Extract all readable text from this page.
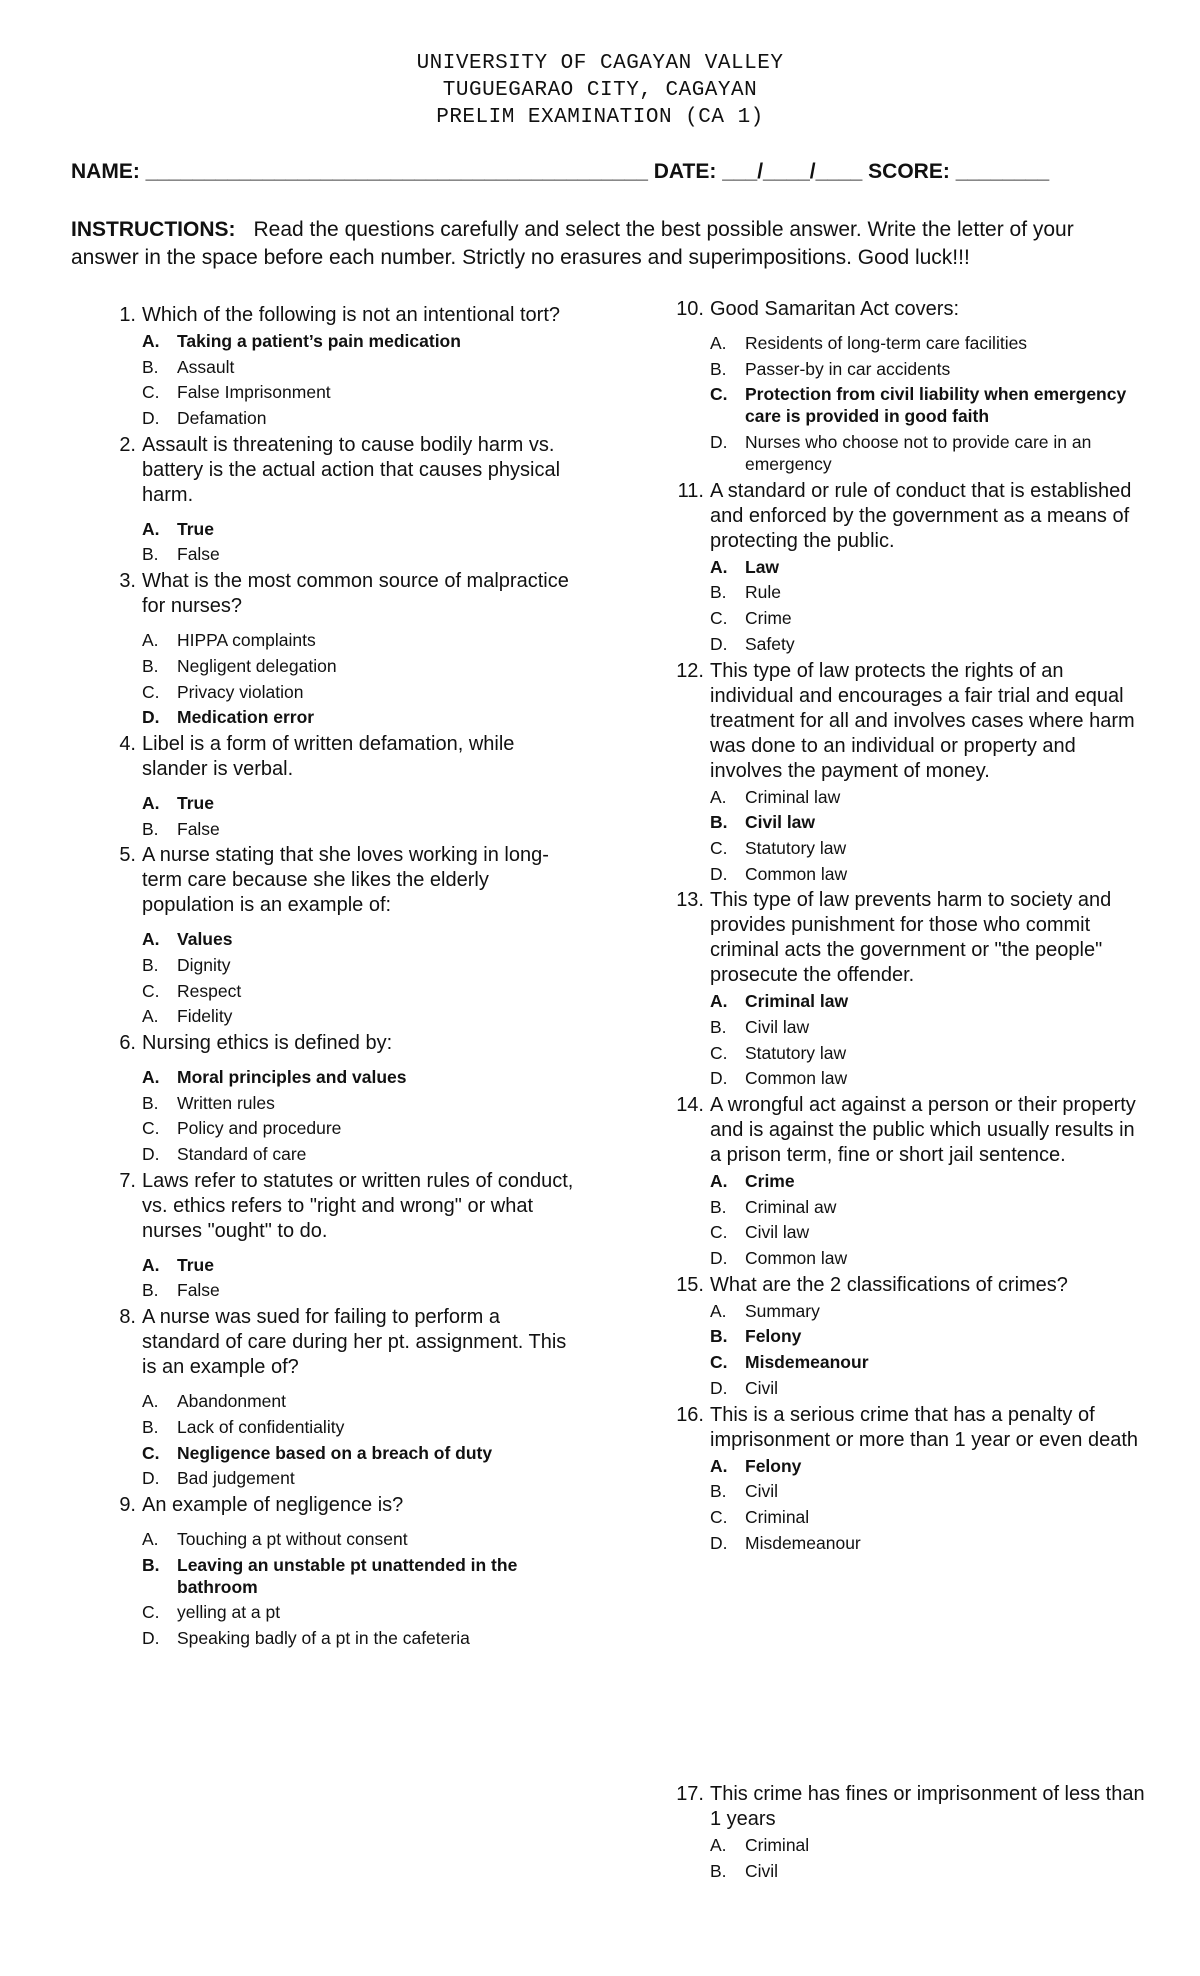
UNIVERSITY OF CAGAYAN VALLEY
TUGUEGARAO CITY, CAGAYAN
PRELIM EXAMINATION (CA 1)
NAME: ___________________________________________ DATE: ___/____/____ SCORE: ________
INSTRUCTIONS: Read the questions carefully and select the best possible answer. Write the letter of your answer in the space before each number. Strictly no erasures and superimpositions. Good luck!!!
1. Which of the following is not an intentional tort?
A. Taking a patient’s pain medication
B. Assault
C. False Imprisonment
D. Defamation
2. Assault is threatening to cause bodily harm vs. battery is the actual action that causes physical harm.
A. True
B. False
3. What is the most common source of malpractice for nurses?
A. HIPPA complaints
B. Negligent delegation
C. Privacy violation
D. Medication error
4. Libel is a form of written defamation, while slander is verbal.
A. True
B. False
5. A nurse stating that she loves working in long-term care because she likes the elderly population is an example of:
A. Values
B. Dignity
C. Respect
A. Fidelity
6. Nursing ethics is defined by:
A. Moral principles and values
B. Written rules
C. Policy and procedure
D. Standard of care
7. Laws refer to statutes or written rules of conduct, vs. ethics refers to "right and wrong" or what nurses "ought" to do.
A. True
B. False
8. A nurse was sued for failing to perform a standard of care during her pt. assignment. This is an example of?
A. Abandonment
B. Lack of confidentiality
C. Negligence based on a breach of duty
D. Bad judgement
9. An example of negligence is?
A. Touching a pt without consent
B. Leaving an unstable pt unattended in the bathroom
C. yelling at a pt
D. Speaking badly of a pt in the cafeteria
10. Good Samaritan Act covers:
A. Residents of long-term care facilities
B. Passer-by in car accidents
C. Protection from civil liability when emergency care is provided in good faith
D. Nurses who choose not to provide care in an emergency
11. A standard or rule of conduct that is established and enforced by the government as a means of protecting the public.
A. Law
B. Rule
C. Crime
D. Safety
12. This type of law protects the rights of an individual and encourages a fair trial and equal treatment for all and involves cases where harm was done to an individual or property and involves the payment of money.
A. Criminal law
B. Civil law
C. Statutory law
D. Common law
13. This type of law prevents harm to society and provides punishment for those who commit criminal acts the government or "the people" prosecute the offender.
A. Criminal law
B. Civil law
C. Statutory law
D. Common law
14. A wrongful act against a person or their property and is against the public which usually results in a prison term, fine or short jail sentence.
A. Crime
B. Criminal aw
C. Civil law
D. Common law
15. What are the 2 classifications of crimes?
A. Summary
B. Felony
C. Misdemeanour
D. Civil
16. This is a serious crime that has a penalty of imprisonment or more than 1 year or even death
A. Felony
B. Civil
C. Criminal
D. Misdemeanour
17. This crime has fines or imprisonment of less than 1 years
A. Criminal
B. Civil
